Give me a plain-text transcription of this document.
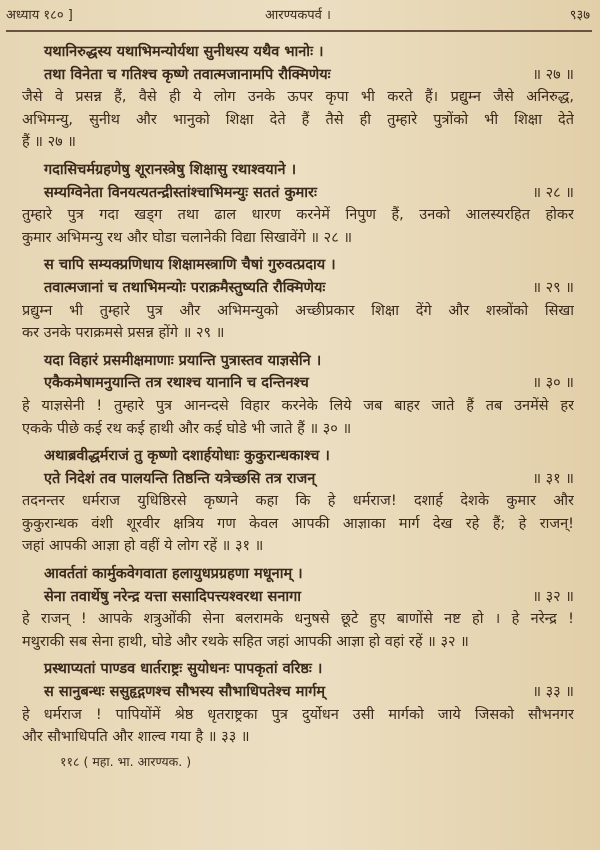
अध्याय १८० ]	आरण्यकपर्व ।	९३७
यथानिरुद्धस्य यथाभिमन्योर्यथा सुनीथस्य यथैव भानोः ।
तथा विनेता च गतिश्च कृष्णे तवात्मजानामपि रौक्मिणेयः	॥ २७ ॥
जैसे वे प्रसन्न हैं, वैसे ही ये लोग उनके ऊपर कृपा भी करते हैं। प्रद्युम्न जैसे अनिरुद्ध,
अभिमन्यु, सुनीथ और भानुको शिक्षा देते हैं तैसे ही तुम्हारे पुत्रोंको भी शिक्षा देते
हैं ॥ २७ ॥
गदासिचर्मग्रहणेषु शूरानस्त्रेषु शिक्षासु रथाश्वयाने ।
सम्यग्विनेता विनयत्यतन्द्रीस्तांश्चाभिमन्युः सततं कुमारः	॥ २८ ॥
तुम्हारे पुत्र गदा खड्ग तथा ढाल धारण करनेमें निपुण हैं, उनको आलस्यरहित होकर
कुमार अभिमन्यु रथ और घोडा चलानेकी विद्या सिखावेंगे ॥ २८ ॥
स चापि सम्यक्प्रणिधाय शिक्षामस्त्राणि चैषां गुरुवत्प्रदाय ।
तवात्मजानां च तथाभिमन्योः पराक्रमैस्तुष्यति रौक्मिणेयः	॥ २९ ॥
प्रद्युम्न भी तुम्हारे पुत्र और अभिमन्युको अच्छीप्रकार शिक्षा देंगे और शस्त्रोंको सिखा
कर उनके पराक्रमसे प्रसन्न होंगे ॥ २९ ॥
यदा विहारं प्रसमीक्षमाणाः प्रयान्ति पुत्रास्तव याज्ञसेनि ।
एकैकमेषामनुयान्ति तत्र रथाश्च यानानि च दन्तिनश्च	॥ ३० ॥
हे याज्ञसेनी ! तुम्हारे पुत्र आनन्दसे विहार करनेके लिये जब बाहर जाते हैं तब उनमेंसे हर
एकके पीछे कई रथ कई हाथी और कई घोडे भी जाते हैं ॥ ३० ॥
अथाब्रवीद्धर्मराजं तु कृष्णो दशार्हयोधाः कुकुरान्धकाश्च ।
एते निदेशं तव पालयन्ति तिष्ठन्ति यत्रेच्छसि तत्र राजन्	॥ ३१ ॥
तदनन्तर धर्मराज युधिष्ठिरसे कृष्णने कहा कि हे धर्मराज! दशार्ह देशके कुमार और
कुकुरान्धक वंशी शूरवीर क्षत्रिय गण केवल आपकी आज्ञाका मार्ग देख रहे हैं; हे राजन्!
जहां आपकी आज्ञा हो वहीं ये लोग रहें ॥ ३१ ॥
आवर्ततां कार्मुकवेगवाता हलायुधप्रग्रहणा मधूनाम् ।
सेना तवार्थेषु नरेन्द्र यत्ता ससादिपत्त्यश्वरथा सनागा	॥ ३२ ॥
हे राजन् ! आपके शत्रुओंकी सेना बलरामके धनुषसे छूटे हुए बाणोंसे नष्ट हो । हे नरेन्द्र !
मथुराकी सब सेना हाथी, घोडे और रथके सहित जहां आपकी आज्ञा हो वहां रहें ॥ ३२ ॥
प्रस्थाप्यतां पाण्डव धार्तराष्ट्रः सुयोधनः पापकृतां वरिष्ठः ।
स सानुबन्धः ससुहृद्गणश्च सौभस्य सौभाधिपतेश्च मार्गम्	॥ ३३ ॥
हे धर्मराज ! पापियोंमें श्रेष्ठ धृतराष्ट्रका पुत्र दुर्योधन उसी मार्गको जाये जिसको सौभनगर
और सौभाधिपति और शाल्व गया है ॥ ३३ ॥
११८ ( महा. भा. आरण्यक. )
